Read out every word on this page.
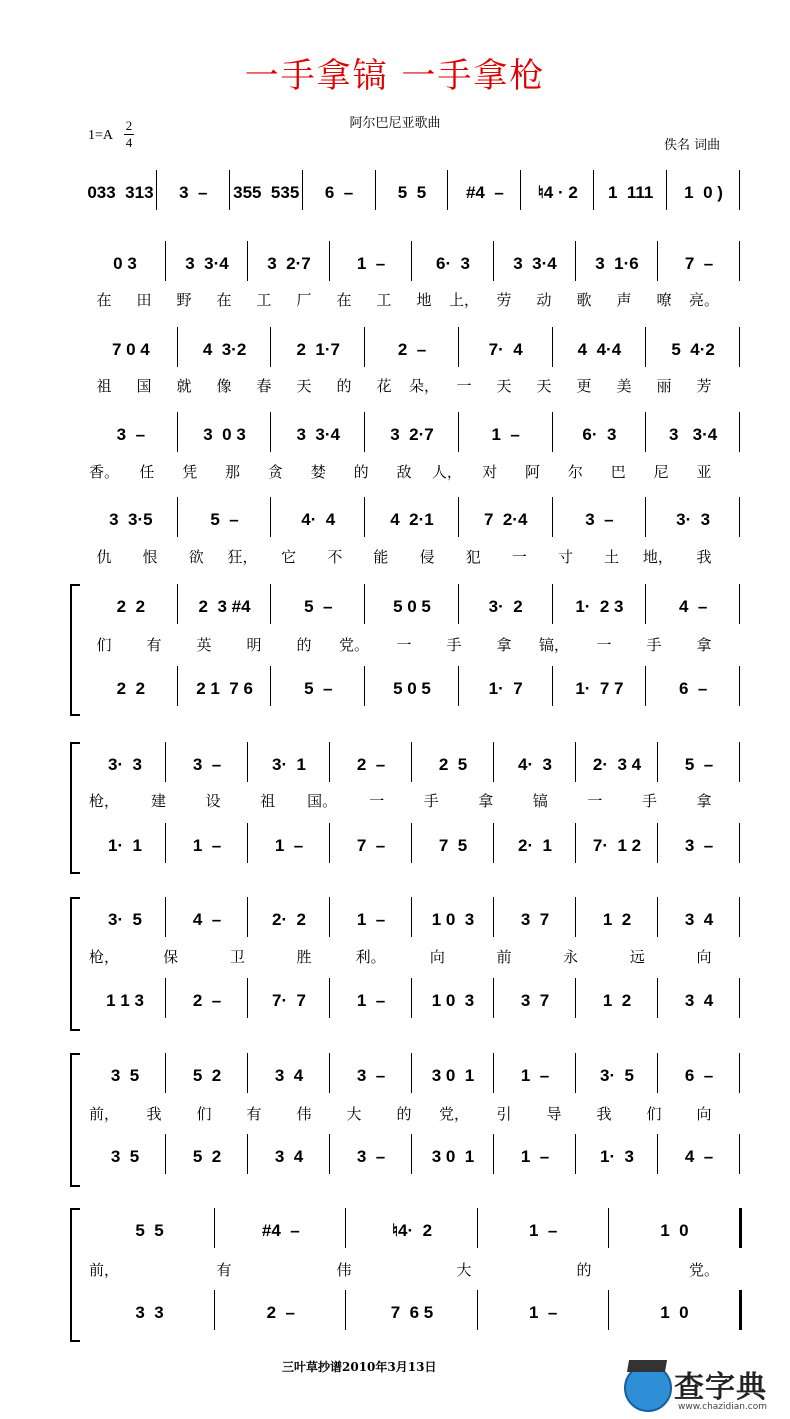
一手拿镐 一手拿枪
阿尔巴尼亚歌曲
1=A
2
4	佚名 词曲
033  313	3  –	355  535	6  –	5  5	#4  –	♮4 · 2	1  111	1  0 )
0 3	3  3·4	3  2·7	1  –	6·  3	3  3·4	3  1·6	7  –
7 0 4	4  3·2	2  1·7	2  –	7·  4	4  4·4	5  4·2
3  –	3  0 3	3  3·4	3  2·7	1  –	6·  3	3   3·4
3  3·5	5  –	4·  4	4  2·1	7  2·4	3  –	3·  3
2  2	2  3 #4	5  –	5 0 5	3·  2	1·  2 3	4  –
2  2	2 1  7 6	5  –	5 0 5	1·  7	1·  7 7	6  –
3·  3	3  –	3·  1	2  –	2  5	4·  3	2·  3 4	5  –
1·  1	1  –	1  –	7  –	7  5	2·  1	7·  1 2	3  –
3·  5	4  –	2·  2	1  –	1 0  3	3  7	1  2	3  4
1 1 3	2  –	7·  7	1  –	1 0  3	3  7	1  2	3  4
3  5	5  2	3  4	3  –	3 0  1	1  –	3·  5	6  –
3  5	5  2	3  4	3  –	3 0  1	1  –	1·  3	4  –
5  5	#4  –	♮4·  2	1  –	1  0
3  3	2  –	7  6 5	1  –	1  0
在 田 野 在 工 厂 在 工 地 上， 劳 动 歌 声 嘹 亮。
祖 国 就 像 春 天 的 花 朵， 一 天 天 更 美 丽 芳
香。 任 凭 那 贪 婪 的 敌 人， 对 阿 尔 巴 尼 亚
仇 恨 欲 狂， 它 不 能 侵 犯 一 寸 土 地， 我
们 有 英 明 的 党。 一 手 拿 镐， 一 手 拿
枪， 建	设	祖 国。 一	手	拿	镐	一	手	拿
枪，	保	卫	胜	利。	向	前	永	远	向
前， 我 们 有 伟 大 的 党， 引 导 我 们 向
前，	有	伟	大	的	党。
三叶草抄谱2010年3月13日
查字典
www.chazidian.com
